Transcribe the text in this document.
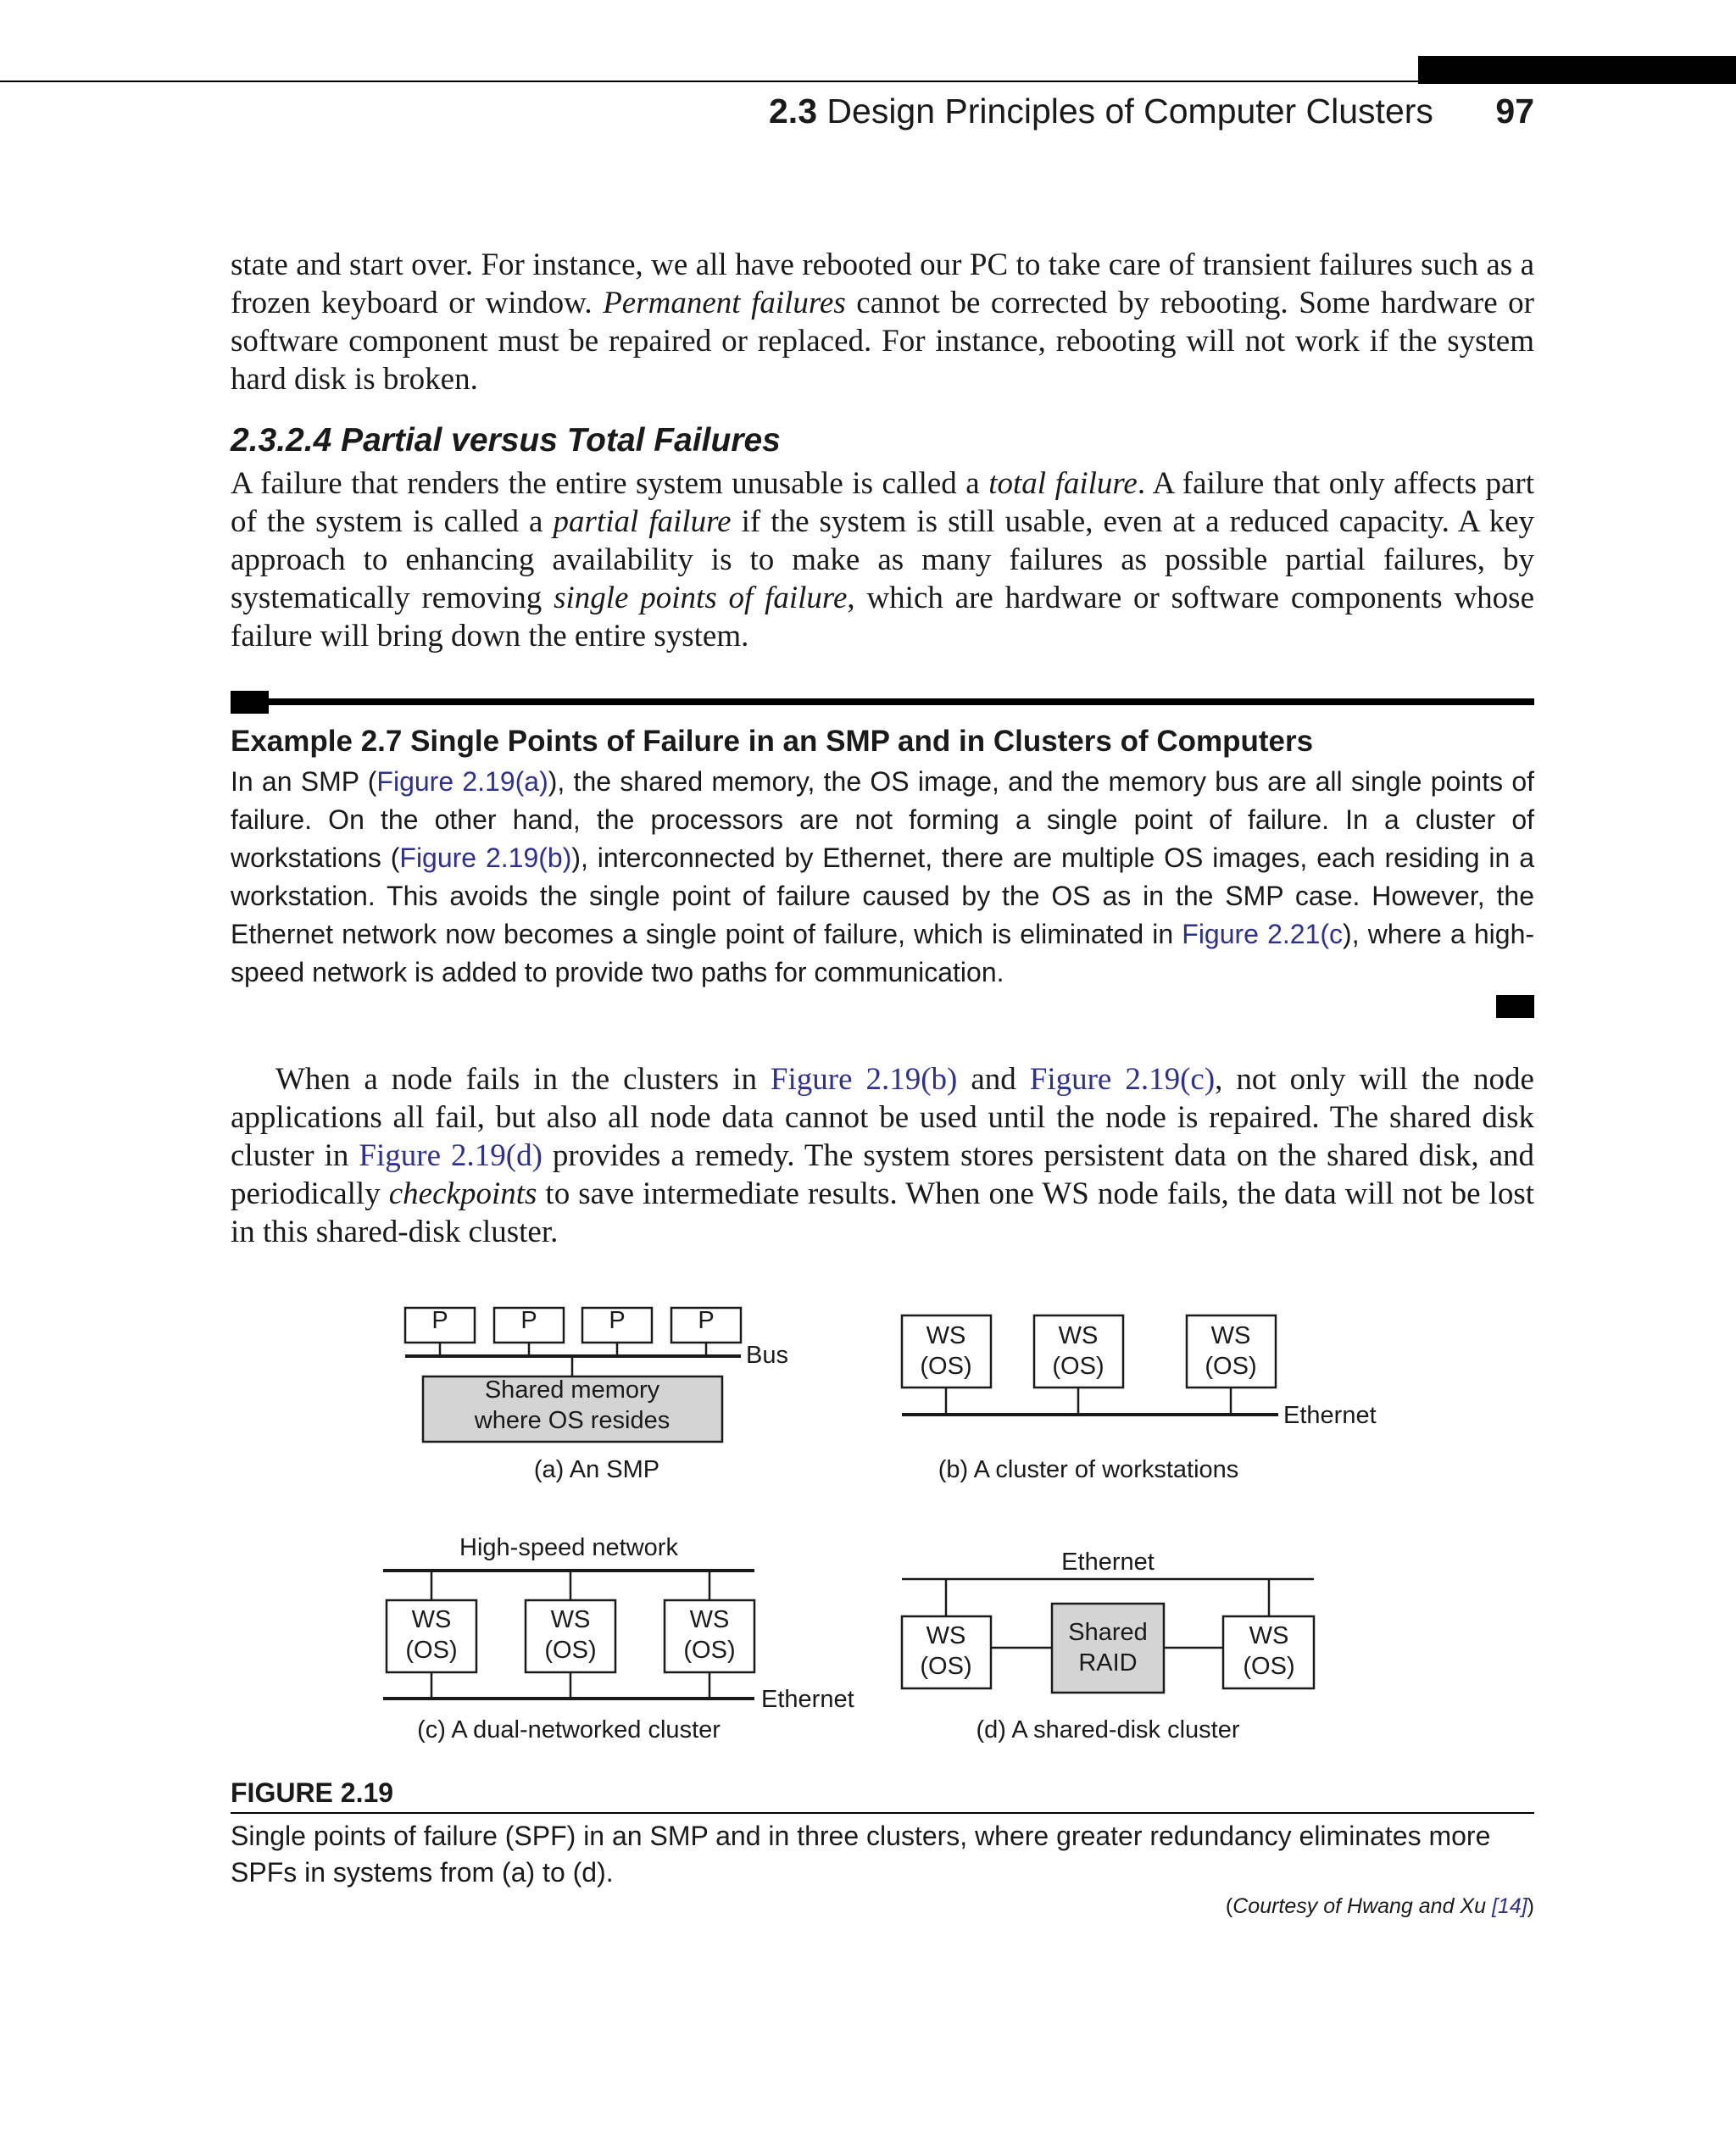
2.3 Design Principles of Computer Clusters	97

state and start over. For instance, we all have rebooted our PC to take care of transient failures such as a frozen keyboard or window. Permanent failures cannot be corrected by rebooting. Some hardware or software component must be repaired or replaced. For instance, rebooting will not work if the system hard disk is broken.

2.3.2.4 Partial versus Total Failures

A failure that renders the entire system unusable is called a total failure. A failure that only affects part of the system is called a partial failure if the system is still usable, even at a reduced capacity. A key approach to enhancing availability is to make as many failures as possible partial failures, by systematically removing single points of failure, which are hardware or software components whose failure will bring down the entire system.

Example 2.7 Single Points of Failure in an SMP and in Clusters of Computers

In an SMP (Figure 2.19(a)), the shared memory, the OS image, and the memory bus are all single points of failure. On the other hand, the processors are not forming a single point of failure. In a cluster of workstations (Figure 2.19(b)), interconnected by Ethernet, there are multiple OS images, each residing in a workstation. This avoids the single point of failure caused by the OS as in the SMP case. However, the Ethernet network now becomes a single point of failure, which is eliminated in Figure 2.21(c), where a high-speed network is added to provide two paths for communication.

When a node fails in the clusters in Figure 2.19(b) and Figure 2.19(c), not only will the node applications all fail, but also all node data cannot be used until the node is repaired. The shared disk cluster in Figure 2.19(d) provides a remedy. The system stores persistent data on the shared disk, and periodically checkpoints to save intermediate results. When one WS node fails, the data will not be lost in this shared-disk cluster.

P	P	P	P
Bus
Shared memory
where OS resides
(a) An SMP
WS
(OS)
WS
(OS)
WS
(OS)
Ethernet
(b) A cluster of workstations
High-speed network
WS
(OS)
WS
(OS)
WS
(OS)
Ethernet
(c) A dual-networked cluster
Ethernet
WS
(OS)
Shared
RAID
WS
(OS)
(d) A shared-disk cluster
FIGURE 2.19

Single points of failure (SPF) in an SMP and in three clusters, where greater redundancy eliminates more SPFs in systems from (a) to (d).

(Courtesy of Hwang and Xu [14])
